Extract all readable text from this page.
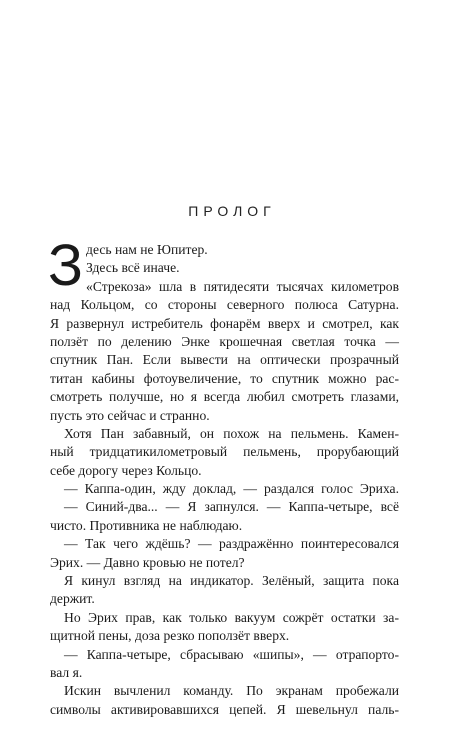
ПРОЛОГ
З десь нам не Юпитер.
Здесь всё иначе.
«Стрекоза» шла в пятидесяти тысячах километров
над Кольцом, со стороны северного полюса Сатурна.
Я развернул истребитель фонарём вверх и смотрел, как
ползёт по делению Энке крошечная светлая точка —
спутник Пан. Если вывести на оптически прозрачный
титан кабины фотоувеличение, то спутник можно рас-
смотреть получше, но я всегда любил смотреть глазами,
пусть это сейчас и странно.
Хотя Пан забавный, он похож на пельмень. Камен-
ный тридцатикилометровый пельмень, прорубающий
себе дорогу через Кольцо.
— Каппа-один, жду доклад, — раздался голос Эриха.
— Синий-два... — Я запнулся. — Каппа-четыре, всё
чисто. Противника не наблюдаю.
— Так чего ждёшь? — раздражённо поинтересовался
Эрих. — Давно кровью не потел?
Я кинул взгляд на индикатор. Зелёный, защита пока
держит.
Но Эрих прав, как только вакуум сожрёт остатки за-
щитной пены, доза резко поползёт вверх.
— Каппа-четыре, сбрасываю «шипы», — отрапорто-
вал я.
Искин вычленил команду. По экранам пробежали
символы активировавшихся цепей. Я шевельнул паль-
